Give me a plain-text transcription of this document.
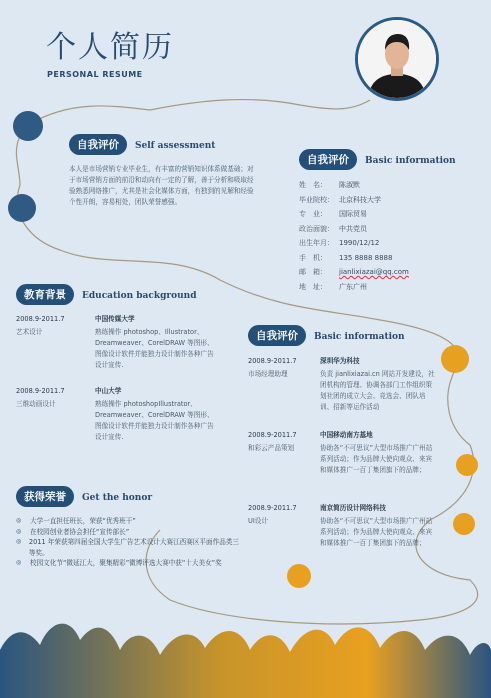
个人简历
PERSONAL RESUME
自我评价 Self assessment
本人是市场营销专业毕业生，有丰富的营销知识体系做基础；对于市场营销方面的前沿和动向有一定的了解，善于分析和吸取经验熟悉网络推广，尤其是社会化媒体方面，有独到的见解和经验个性开朗，容易相处，团队荣誉感强。
自我评价 Basic information
姓　名：	陈淑默
毕业院校： 北京科技大学
专　业：	国际贸易
政治面貌： 中共党员
出生年月： 1990/12/12
手　机：	135 8888 8888
邮　箱：	jianlixiazai@qq.com
地　址：	广东广州
教育背景 Education background
2008.9-2011.7
艺术设计
中国传媒大学
熟练操作 photoshop、Illustrator、Dreamweaver、CorelDRAW 等图形、图像设计软件并能独力设计制作各种广告设计宣传.
2008.9-2011.7
三维动画设计
中山大学
熟练操作 photoshopIllustrator、Dreamweaver、CorelDRAW 等图形、图像设计软件并能独力设计制作各种广告设计宣传.
自我评价 Basic information
2008.9-2011.7
市场经理助理
深圳华为科技
负责 jianlixiazai.cn 网站开发建设，社团机构的管理、协调各部门工作组织策划社团的成立大会、竞选会、团队培训、招新等运作活动
2008.9-2011.7
和彩云产品策划
中国移动南方基地
协助各“不可思议”大型市场推广广州站系列活动；作为品牌大使向观众、来宾和媒体推广一百丁集团旗下的品牌；
2008.9-2011.7
UI设计
南京简历设计网络科技
协助各“不可思议”大型市场推广广州站系列活动；作为品牌大使向观众、来宾和媒体推广一百丁集团旗下的品牌；
获得荣誉 Get the honor
◎	大学一直担任班长，荣获“优秀班干”
◎	在校园创业者协会担任“宣传部长”
◎	2011 年荣获第四届全国大学生广告艺术设计大赛江西赛区平面作品类三等奖。
◎	校园文化节“微延江大，聚集精彩”微博评选大赛中获“十大美女”奖
